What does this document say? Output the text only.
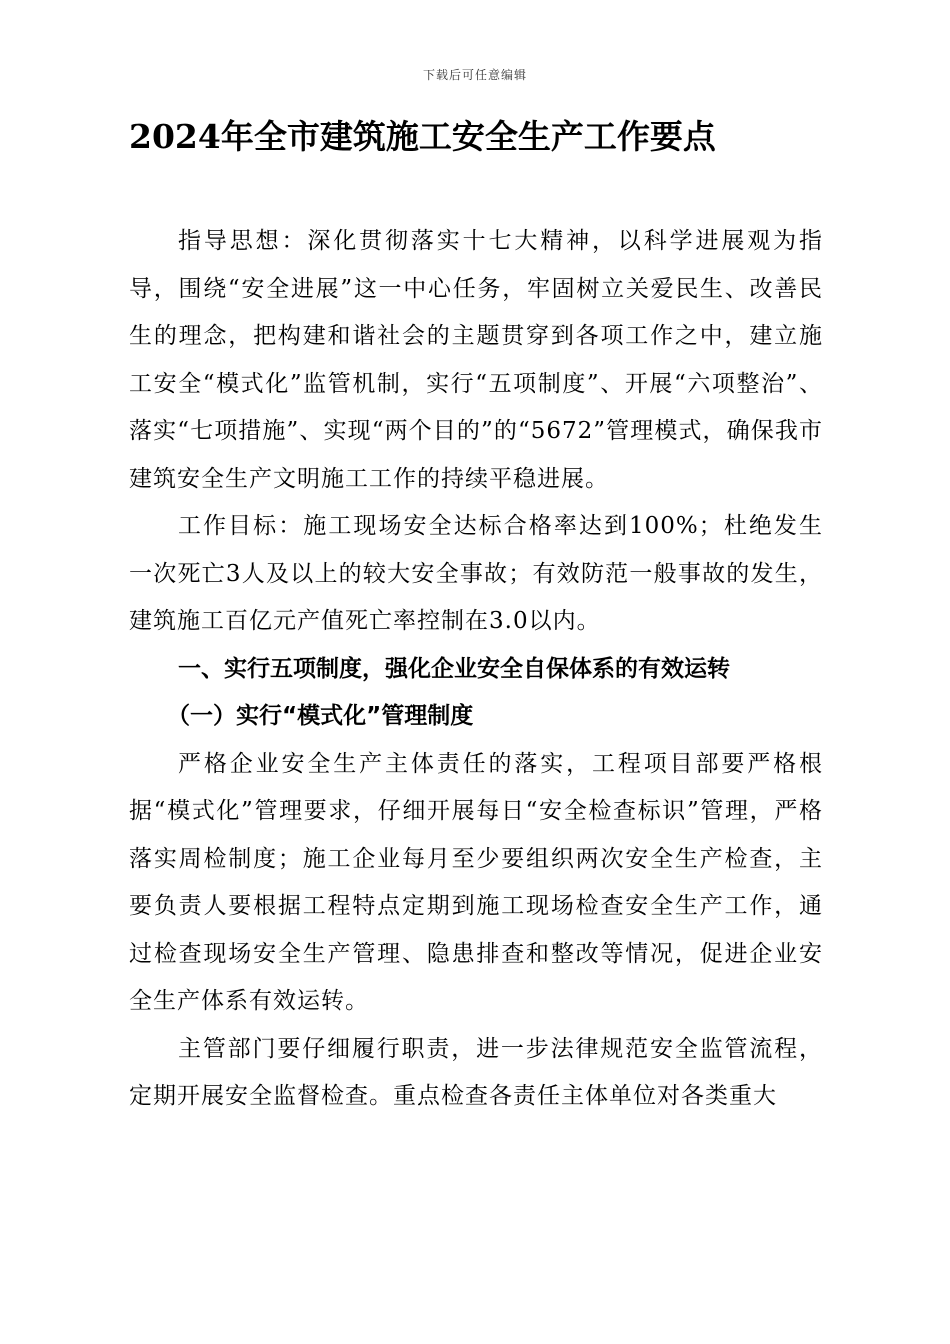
下载后可任意编辑
2024年全市建筑施工安全生产工作要点

指导思想：深化贯彻落实十七大精神，以科学进展观为指导，围绕“安全进展”这一中心任务，牢固树立关爱民生、改善民生的理念，把构建和谐社会的主题贯穿到各项工作之中，建立施工安全“模式化”监管机制，实行“五项制度”、开展“六项整治”、落实“七项措施”、实现“两个目的”的“5672”管理模式，确保我市建筑安全生产文明施工工作的持续平稳进展。

工作目标：施工现场安全达标合格率达到100%；杜绝发生一次死亡3人及以上的较大安全事故；有效防范一般事故的发生，建筑施工百亿元产值死亡率控制在3.0以内。

一、实行五项制度，强化企业安全自保体系的有效运转

（一）实行“模式化”管理制度

严格企业安全生产主体责任的落实，工程项目部要严格根据“模式化”管理要求，仔细开展每日“安全检查标识”管理，严格落实周检制度；施工企业每月至少要组织两次安全生产检查，主要负责人要根据工程特点定期到施工现场检查安全生产工作，通过检查现场安全生产管理、隐患排查和整改等情况，促进企业安全生产体系有效运转。

主管部门要仔细履行职责，进一步法律规范安全监管流程，定期开展安全监督检查。重点检查各责任主体单位对各类重大
